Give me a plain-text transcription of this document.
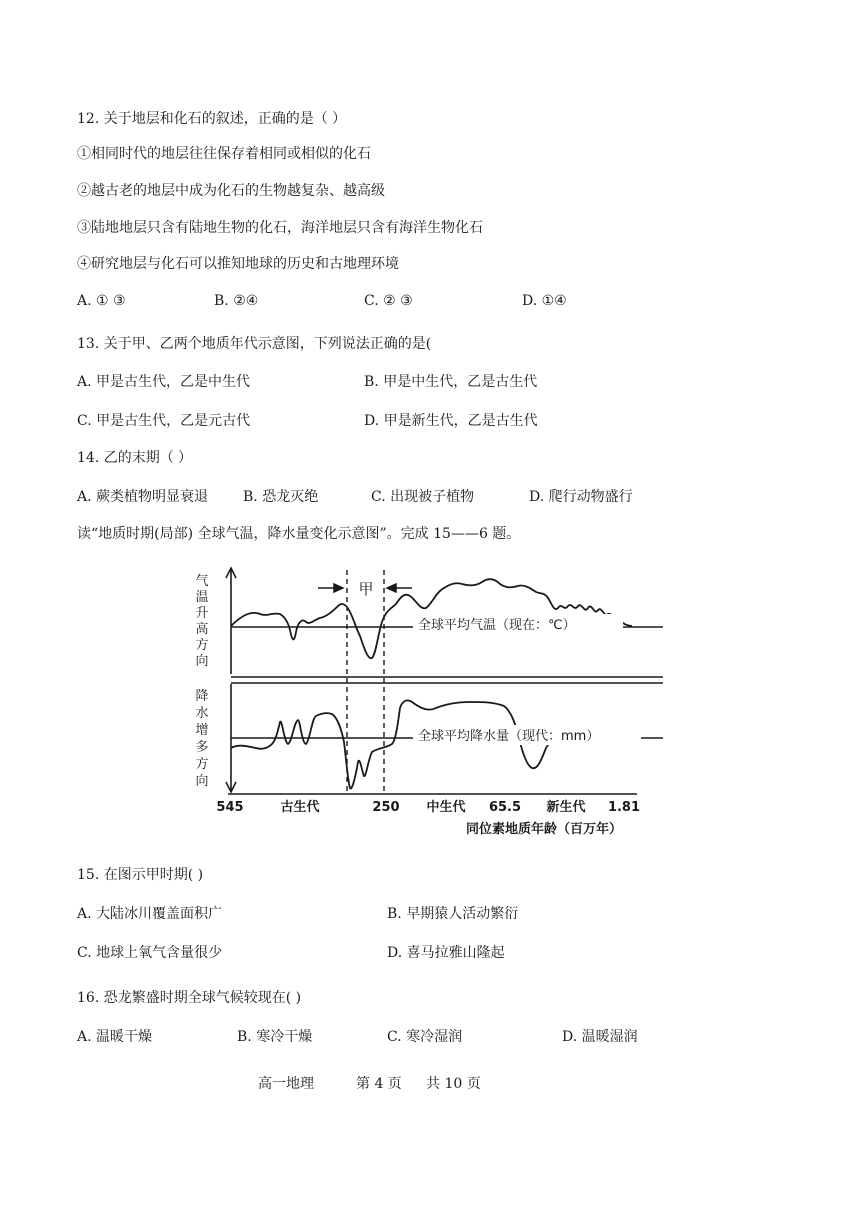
12. 关于地层和化石的叙述，正确的是（ ）
①相同时代的地层往往保存着相同或相似的化石
②越古老的地层中成为化石的生物越复杂、越高级
③陆地地层只含有陆地生物的化石，海洋地层只含有海洋生物化石
④研究地层与化石可以推知地球的历史和古地理环境
A. ① ③	B. ②④	C. ② ③	D. ①④
13. 关于甲、乙两个地质年代示意图，下列说法正确的是(
A. 甲是古生代，乙是中生代	B. 甲是中生代，乙是古生代
C. 甲是古生代，乙是元古代	D. 甲是新生代，乙是古生代
14. 乙的末期（ ）
A. 蕨类植物明显衰退 B. 恐龙灭绝	C. 出现被子植物	D. 爬行动物盛行
读“地质时期(局部) 全球气温，降水量变化示意图”。完成 15——6 题。
气
温
升
高
方
向
降
水
增
多
方
向
甲
全球平均气温（现在：℃）
全球平均降水量（现代：mm）
545	古生代	250 中生代 65.5 新生代 1.81
同位素地质年龄（百万年）
15. 在图示甲时期( )
A. 大陆冰川覆盖面积广	B. 早期猿人活动繁衍
C. 地球上氧气含量很少	D. 喜马拉雅山隆起
16. 恐龙繁盛时期全球气候较现在( )
A. 温暖干燥	B. 寒冷干燥	C. 寒冷湿润	D. 温暖湿润
高一地理	第 4 页 共 10 页
